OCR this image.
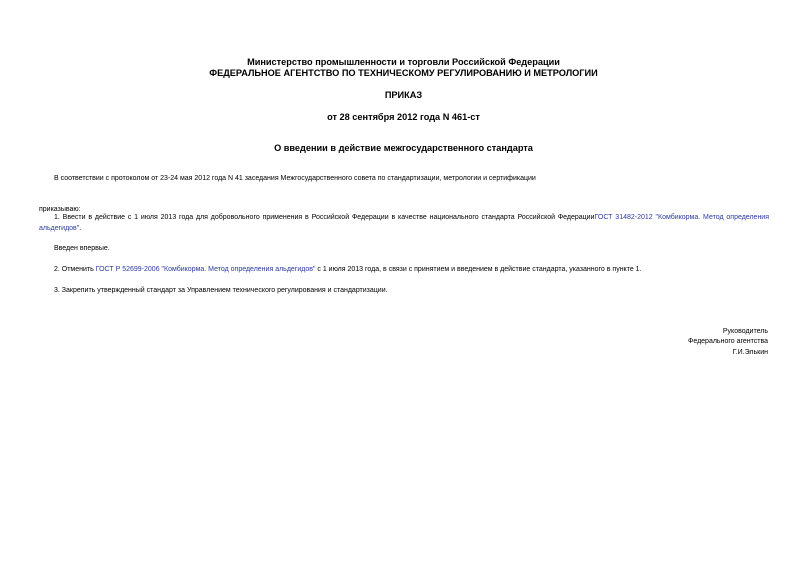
Министерство промышленности и торговли Российской Федерации
ФЕДЕРАЛЬНОЕ АГЕНТСТВО ПО ТЕХНИЧЕСКОМУ РЕГУЛИРОВАНИЮ И МЕТРОЛОГИИ
ПРИКАЗ
от 28 сентября 2012 года N 461-ст
О введении в действие межгосударственного стандарта
В соответствии с протоколом от 23-24 мая 2012 года N 41 заседания Межгосударственного совета по стандартизации, метрологии и сертификации
приказываю:
1. Ввести в действие с 1 июля 2013 года для добровольного применения в Российской Федерации в качестве национального стандарта Российской ФедерацииГОСТ 31482-2012 "Комбикорма. Метод определения альдегидов".
Введен впервые.
2. Отменить ГОСТ Р 52699-2006 "Комбикорма. Метод определения альдегидов" с 1 июля 2013 года, в связи с принятием и введением в действие стандарта, указанного в пункте 1.
3. Закрепить утвержденный стандарт за Управлением технического регулирования и стандартизации.
Руководитель
Федерального агентства
Г.И.Элькин
